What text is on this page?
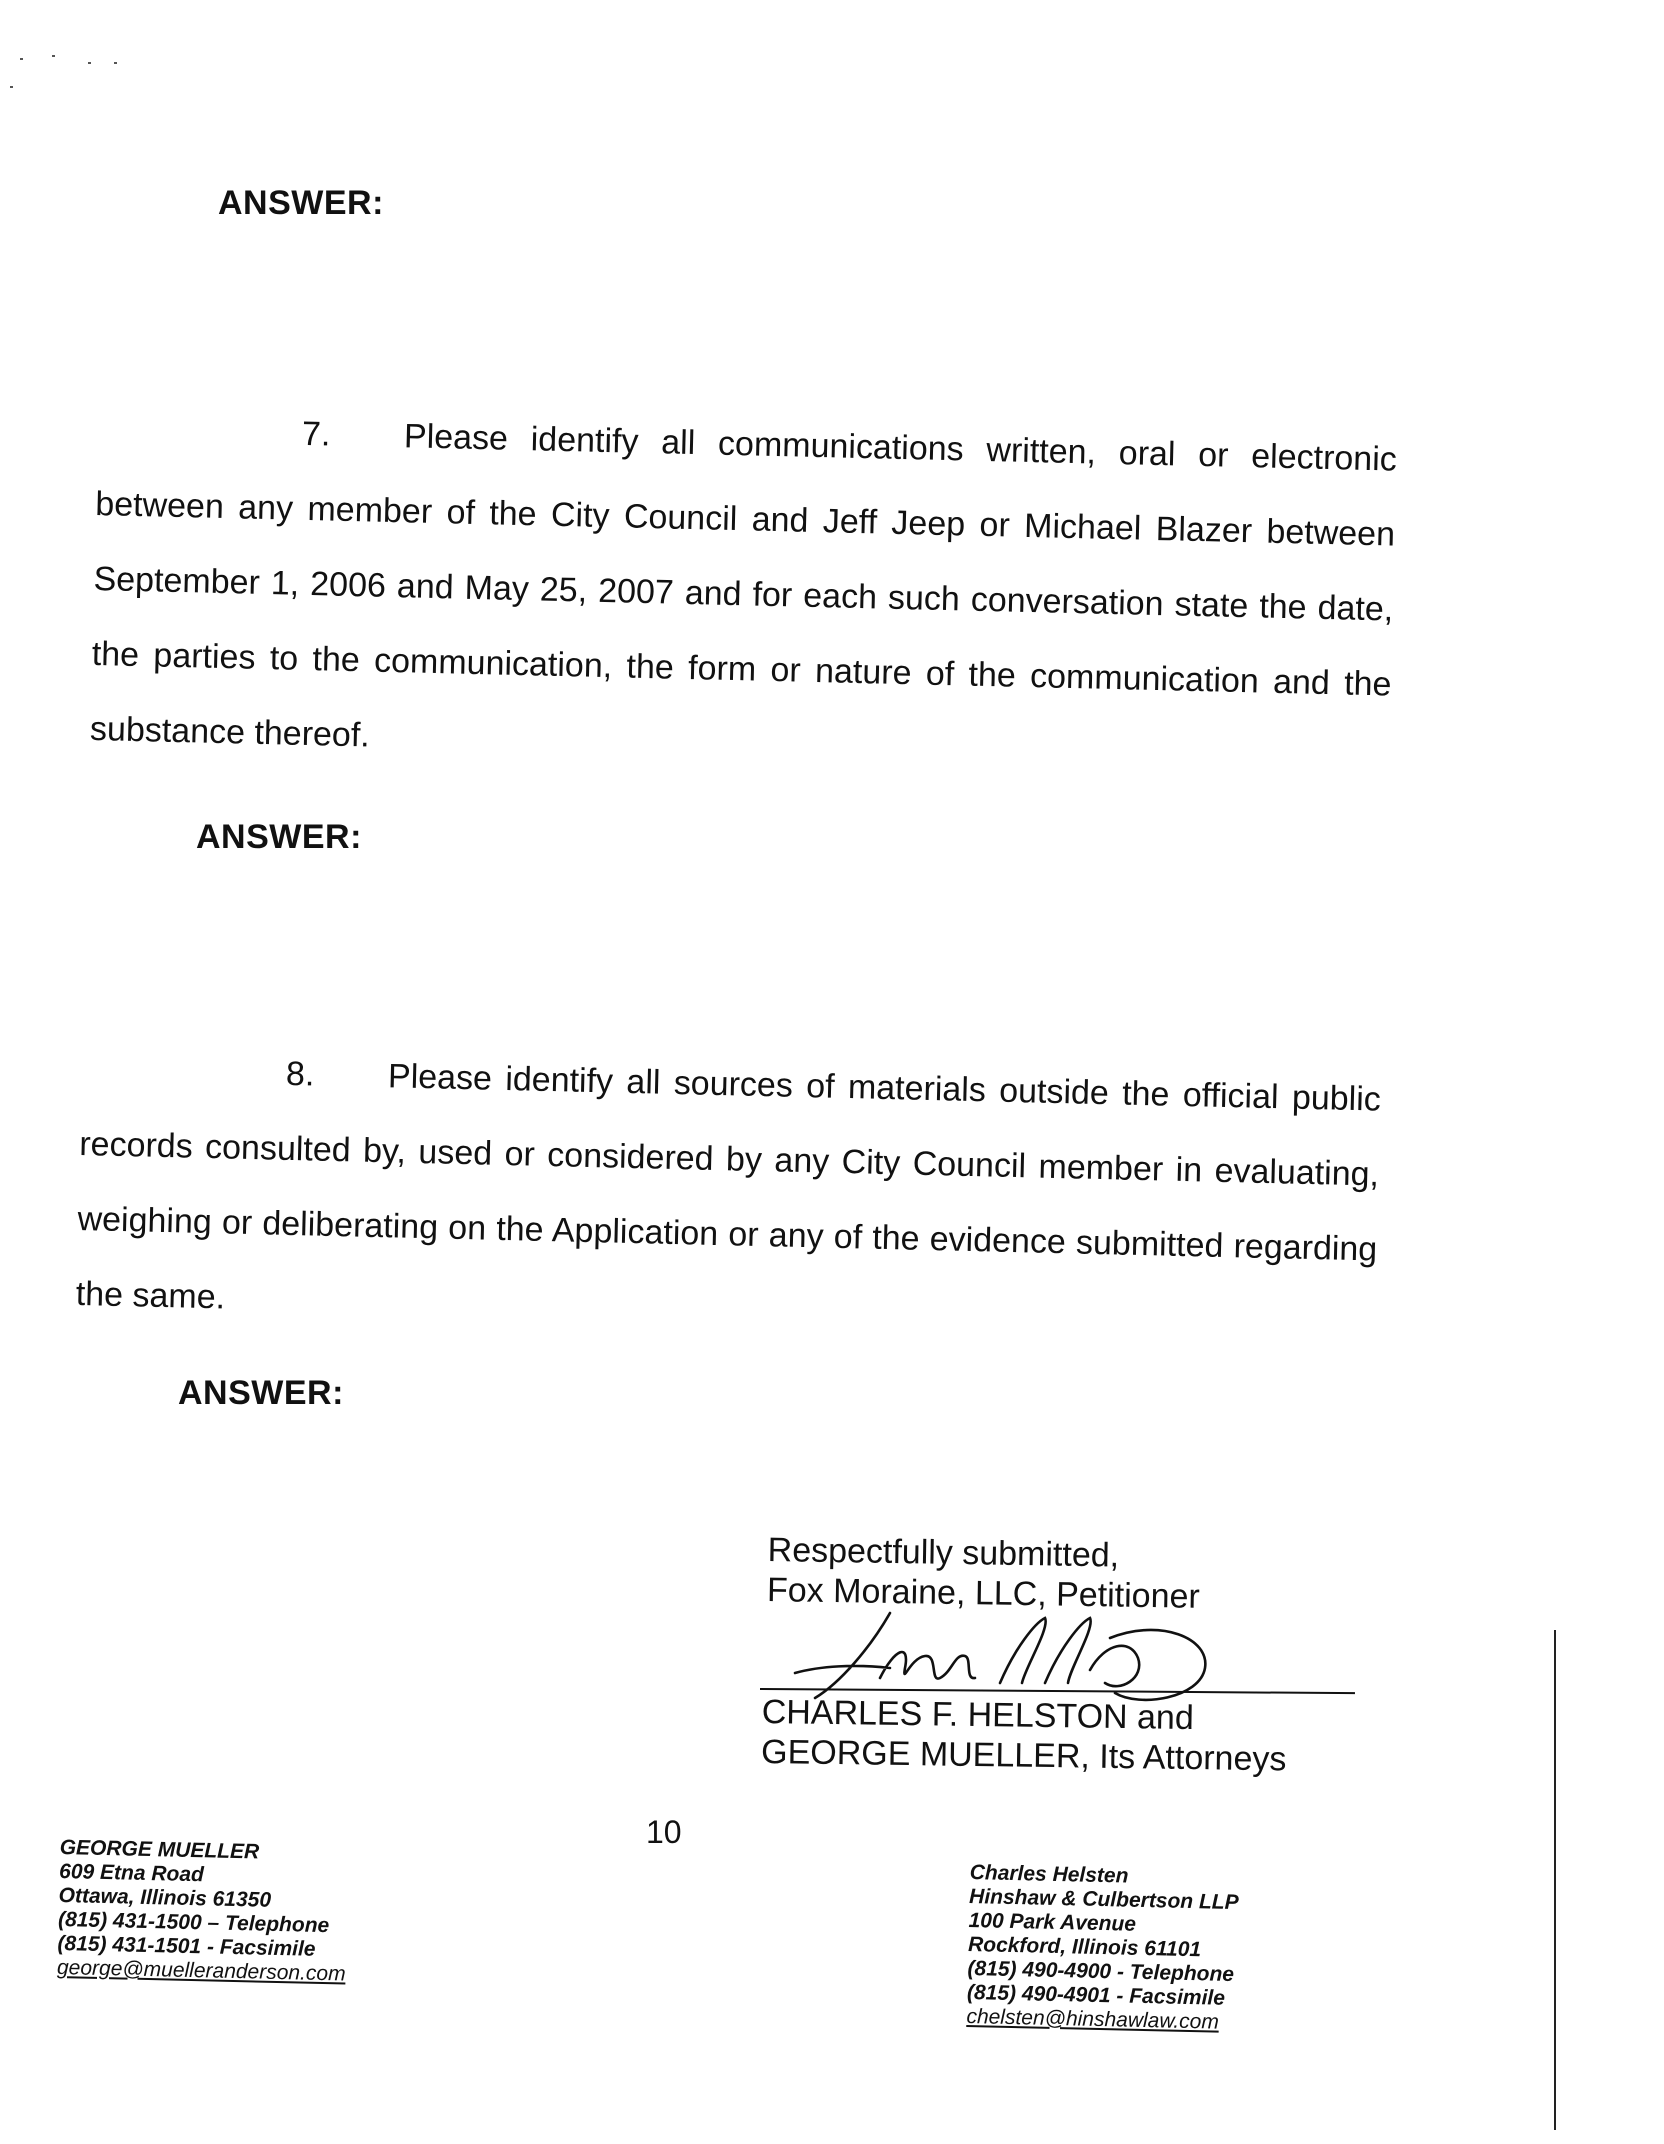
ANSWER:
7. Please identify all communications written, oral or electronic between any member of the City Council and Jeff Jeep or Michael Blazer between September 1, 2006 and May 25, 2007 and for each such conversation state the date, the parties to the communication, the form or nature of the communication and the substance thereof.
ANSWER:
8. Please identify all sources of materials outside the official public records consulted by, used or considered by any City Council member in evaluating, weighing or deliberating on the Application or any of the evidence submitted regarding the same.
ANSWER:
Respectfully submitted,
Fox Moraine, LLC, Petitioner
CHARLES F. HELSTON and
GEORGE MUELLER, Its Attorneys
10
GEORGE MUELLER
609 Etna Road
Ottawa, Illinois 61350
(815) 431-1500 – Telephone
(815) 431-1501 - Facsimile
george@muelleranderson.com
Charles Helsten
Hinshaw & Culbertson LLP
100 Park Avenue
Rockford, Illinois 61101
(815) 490-4900 - Telephone
(815) 490-4901 - Facsimile
chelsten@hinshawlaw.com
